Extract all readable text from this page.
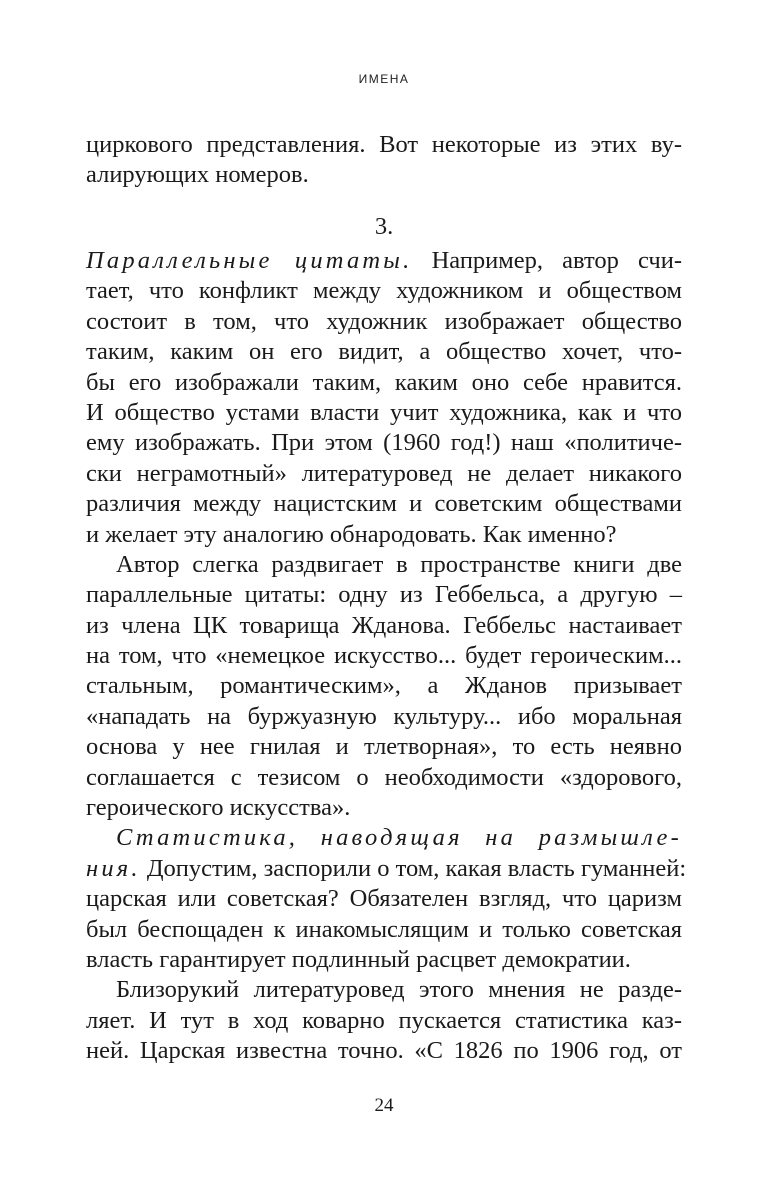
ИМЕНА
циркового представления. Вот некоторые из этих ву-
алирующих номеров.
3.
Параллельные цитаты. Например, автор счи-
тает, что конфликт между художником и обществом
состоит в том, что художник изображает общество
таким, каким он его видит, а общество хочет, что-
бы его изображали таким, каким оно себе нравится.
И общество устами власти учит художника, как и что
ему изображать. При этом (1960 год!) наш «политиче-
ски неграмотный» литературовед не делает никакого
различия между нацистским и советским обществами
и желает эту аналогию обнародовать. Как именно?
Автор слегка раздвигает в пространстве книги две
параллельные цитаты: одну из Геббельса, а другую –
из члена ЦК товарища Жданова. Геббельс настаивает
на том, что «немецкое искусство... будет героическим...
стальным, романтическим», а Жданов призывает
«нападать на буржуазную культуру... ибо моральная
основа у нее гнилая и тлетворная», то есть неявно
соглашается с тезисом о необходимости «здорового,
героического искусства».
Статистика, наводящая на размышле-
ния. Допустим, заспорили о том, какая власть гуманней:
царская или советская? Обязателен взгляд, что царизм
был беспощаден к инакомыслящим и только советская
власть гарантирует подлинный расцвет демократии.
Близорукий литературовед этого мнения не разде-
ляет. И тут в ход коварно пускается статистика каз-
ней. Царская известна точно. «С 1826 по 1906 год, от
24
